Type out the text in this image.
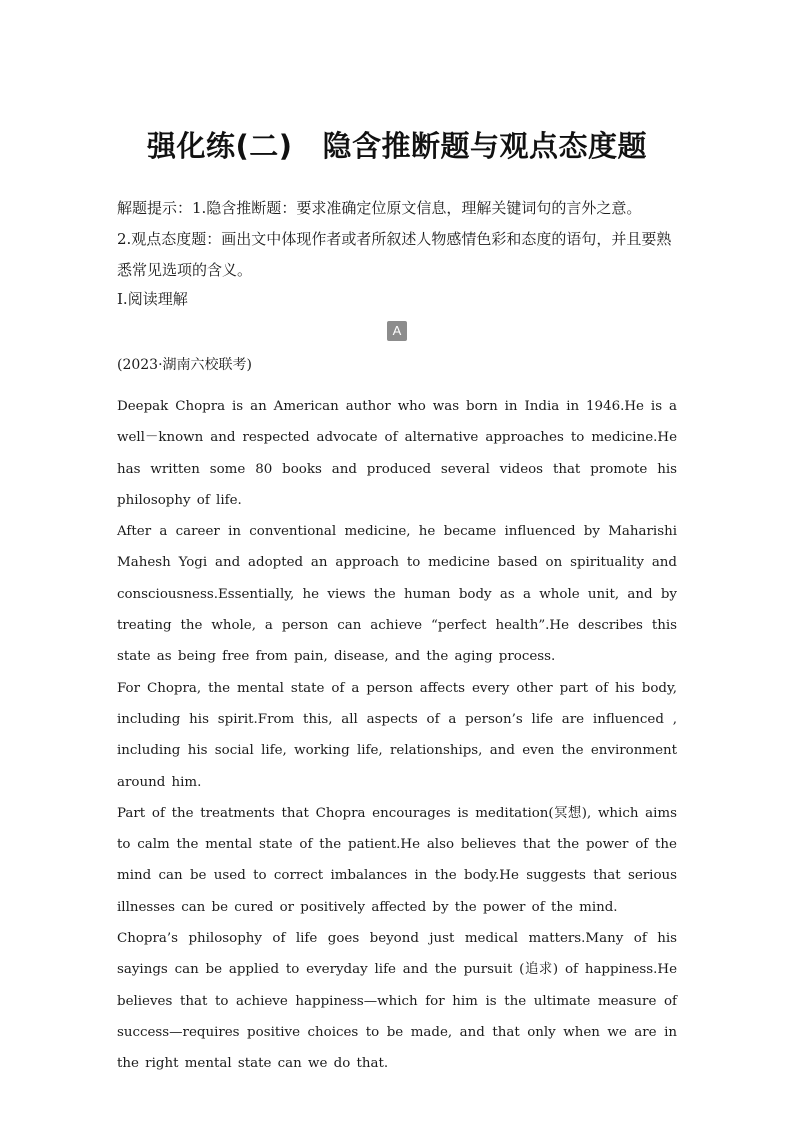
强化练(二) 隐含推断题与观点态度题
解题提示：1.隐含推断题：要求准确定位原文信息，理解关键词句的言外之意。
2.观点态度题：画出文中体现作者或者所叙述人物感情色彩和态度的语句，并且要熟悉常见选项的含义。
Ⅰ.阅读理解
A
(2023·湖南六校联考)

Deepak Chopra is an American author who was born in India in 1946.He is a well－known and respected advocate of alternative approaches to medicine.He has written some 80 books and produced several videos that promote his philosophy of life.

After a career in conventional medicine, he became influenced by Maharishi Mahesh Yogi and adopted an approach to medicine based on spirituality and consciousness.Essentially, he views the human body as a whole unit, and by treating the whole, a person can achieve “perfect health”.He describes this state as being free from pain, disease, and the aging process.

For Chopra, the mental state of a person affects every other part of his body, including his spirit.From this, all aspects of a person’s life are influenced , including his social life, working life, relationships, and even the environment around him.

Part of the treatments that Chopra encourages is meditation(冥想), which aims to calm the mental state of the patient.He also believes that the power of the mind can be used to correct imbalances in the body.He suggests that serious illnesses can be cured or positively affected by the power of the mind.

Chopra’s philosophy of life goes beyond just medical matters.Many of his sayings can be applied to everyday life and the pursuit (追求) of happiness.He believes that to achieve happiness—which for him is the ultimate measure of success—requires positive choices to be made, and that only when we are in the right mental state can we do that.
